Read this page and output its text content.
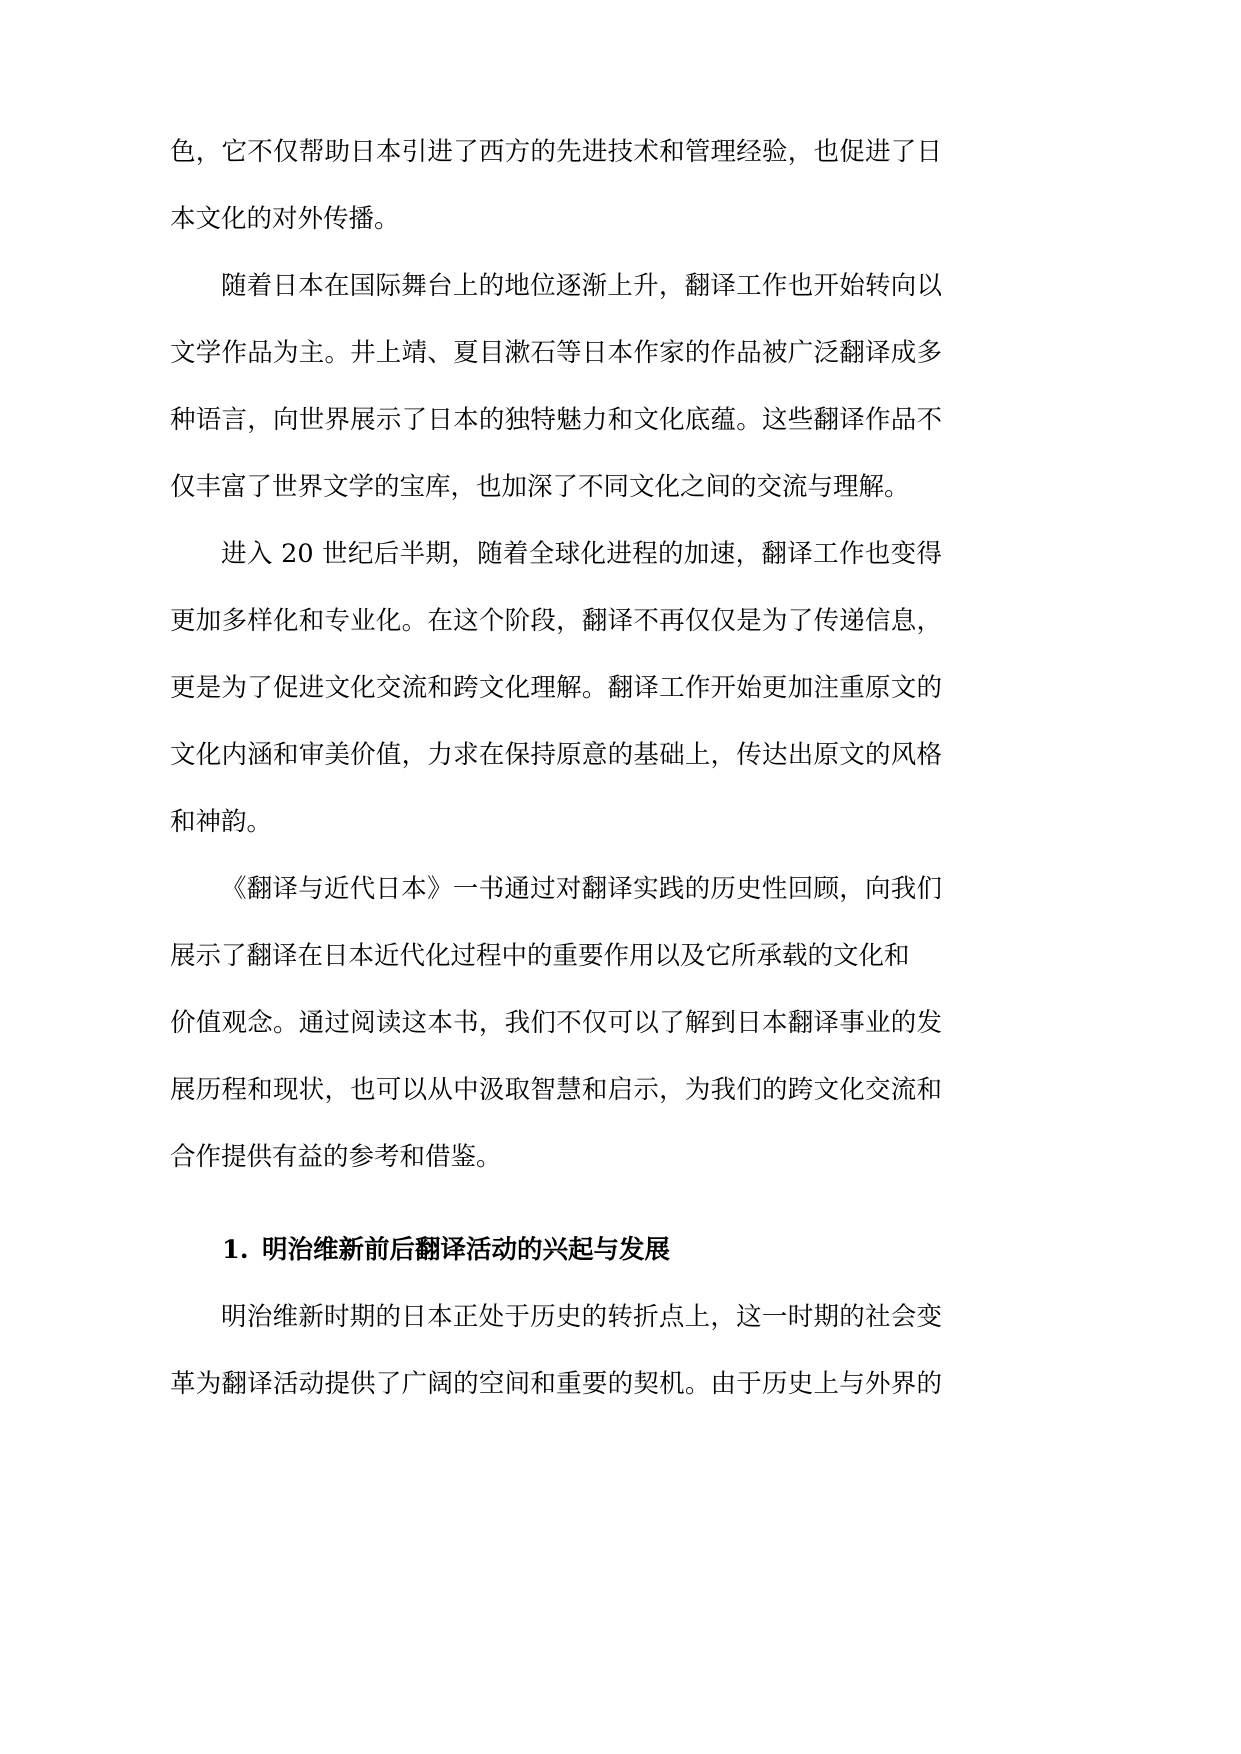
色，它不仅帮助日本引进了西方的先进技术和管理经验，也促进了日
本文化的对外传播。
随着日本在国际舞台上的地位逐渐上升，翻译工作也开始转向以
文学作品为主。井上靖、夏目漱石等日本作家的作品被广泛翻译成多
种语言，向世界展示了日本的独特魅力和文化底蕴。这些翻译作品不
仅丰富了世界文学的宝库，也加深了不同文化之间的交流与理解。
进入 20 世纪后半期，随着全球化进程的加速，翻译工作也变得
更加多样化和专业化。在这个阶段，翻译不再仅仅是为了传递信息，
更是为了促进文化交流和跨文化理解。翻译工作开始更加注重原文的
文化内涵和审美价值，力求在保持原意的基础上，传达出原文的风格
和神韵。
《翻译与近代日本》一书通过对翻译实践的历史性回顾，向我们
展示了翻译在日本近代化过程中的重要作用以及它所承载的文化和
价值观念。通过阅读这本书，我们不仅可以了解到日本翻译事业的发
展历程和现状，也可以从中汲取智慧和启示，为我们的跨文化交流和
合作提供有益的参考和借鉴。
1. 明治维新前后翻译活动的兴起与发展
明治维新时期的日本正处于历史的转折点上，这一时期的社会变
革为翻译活动提供了广阔的空间和重要的契机。由于历史上与外界的
